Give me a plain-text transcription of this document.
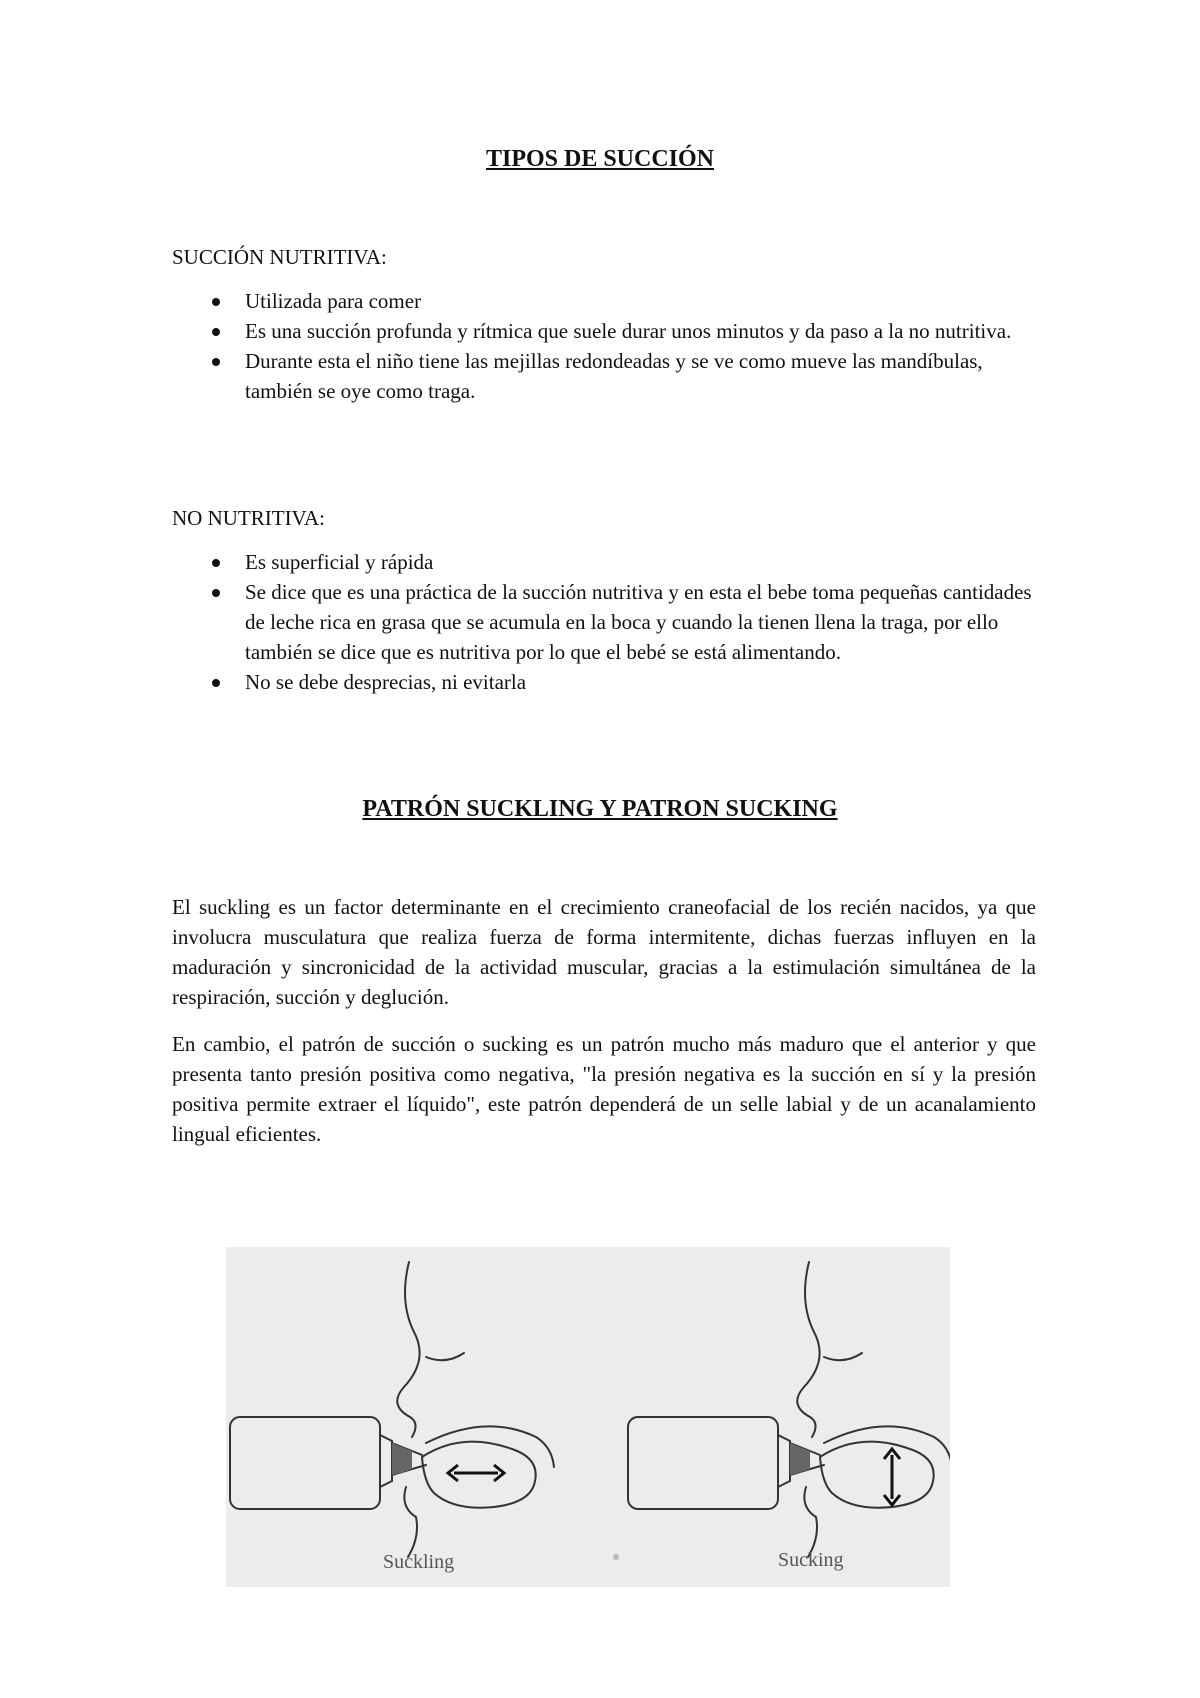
TIPOS DE SUCCIÓN
SUCCIÓN NUTRITIVA:
Utilizada para comer
Es una succión profunda y rítmica que suele durar unos minutos y da paso a la no nutritiva.
Durante esta el niño tiene las mejillas redondeadas y se ve como mueve las mandíbulas, también se oye como traga.
NO NUTRITIVA:
Es superficial y rápida
Se dice que es una práctica de la succión nutritiva y en esta el bebe toma pequeñas cantidades de leche rica en grasa que se acumula en la boca y cuando la tienen llena la traga, por ello también se dice que es nutritiva por lo que el bebé se está alimentando.
No se debe desprecias, ni evitarla
PATRÓN SUCKLING Y PATRON SUCKING

El suckling es un factor determinante en el crecimiento craneofacial de los recién nacidos, ya que involucra musculatura que realiza fuerza de forma intermitente, dichas fuerzas influyen en la maduración y sincronicidad de la actividad muscular, gracias a la estimulación simultánea de la respiración, succión y deglución.

En cambio, el patrón de succión o sucking es un patrón mucho más maduro que el anterior y que presenta tanto presión positiva como negativa, "la presión negativa es la succión en sí y la presión positiva permite extraer el líquido", este patrón dependerá de un selle labial y de un acanalamiento lingual eficientes.

Suckling	Sucking
